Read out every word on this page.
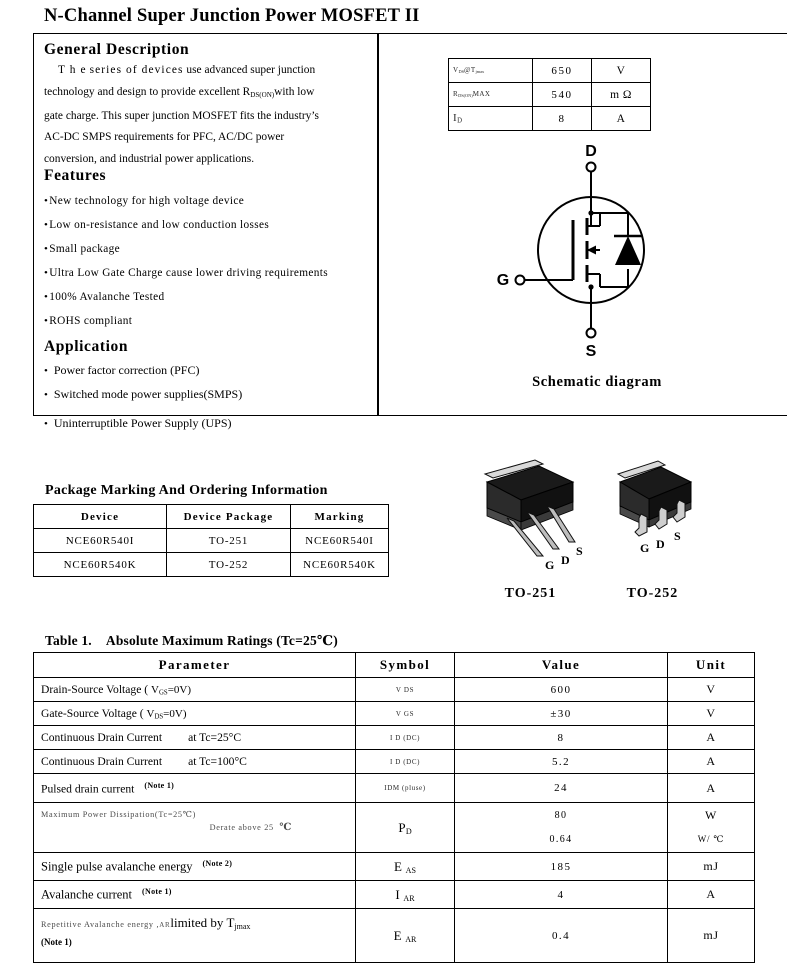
N-Channel Super Junction Power MOSFET II
General Description
T h e series of devices use advanced super junction
technology and design to provide excellent $R_{DS(ON)}with$ low
gate charge. This super junction MOSFET fits the industry’s
AC-DC SMPS requirements for PFC, AC/DC power
conversion, and industrial power applications.
Features
• New technology for high voltage device
• Low on-resistance and low conduction losses
• Small package
• Ultra Low Gate Charge cause lower driving requirements
• 100% Avalanche Tested
• ROHS compliant
Application
• Power factor correction (PFC)
• Switched mode power supplies(SMPS)
• Uninterruptible Power Supply (UPS)
$V_{DS}@T_{jmax}$	650	V
$R_{DS(ON)}MAX$	540	m Ω
$I_D$	8	A
D
G
S
Schematic diagram
Package Marking And Ordering Information
Device	Device Package	Marking
NCE60R540I	TO-251	NCE60R540I
NCE60R540K	TO-252	NCE60R540K	G D
S	G D
S
TO-251	TO-252
Table 1. Absolute Maximum Ratings (Tc=25℃)
Parameter	Symbol	Value	Unit
Drain-Source Voltage ( $V_{GS}=0V$)	V DS	600	V
Gate-Source Voltage ( $V_{DS}=0V$)	V GS	±30	V
Continuous Drain Current at Tc=25°C	I D (DC)	8	A
Continuous Drain Current at Tc=100°C	I D (DC)	5.2	A
Pulsed drain current $^{(Note 1)}$	IDM (pluse)	24	A
Maximum Power Dissipation(Tc=25℃)
Derate above 25 ℃	$P_D$	80	W
		0.64	W/ ℃
Single pulse avalanche energy $^{(Note 2)}$	E $_{AS}$	185	mJ
Avalanche current $^{(Note 1)}$	I $_{AR}$	4	A
Repetitive Avalanche energy ,ARlimited by $T_{jmax}$
(Note 1)	E $_{AR}$	0.4	mJ
